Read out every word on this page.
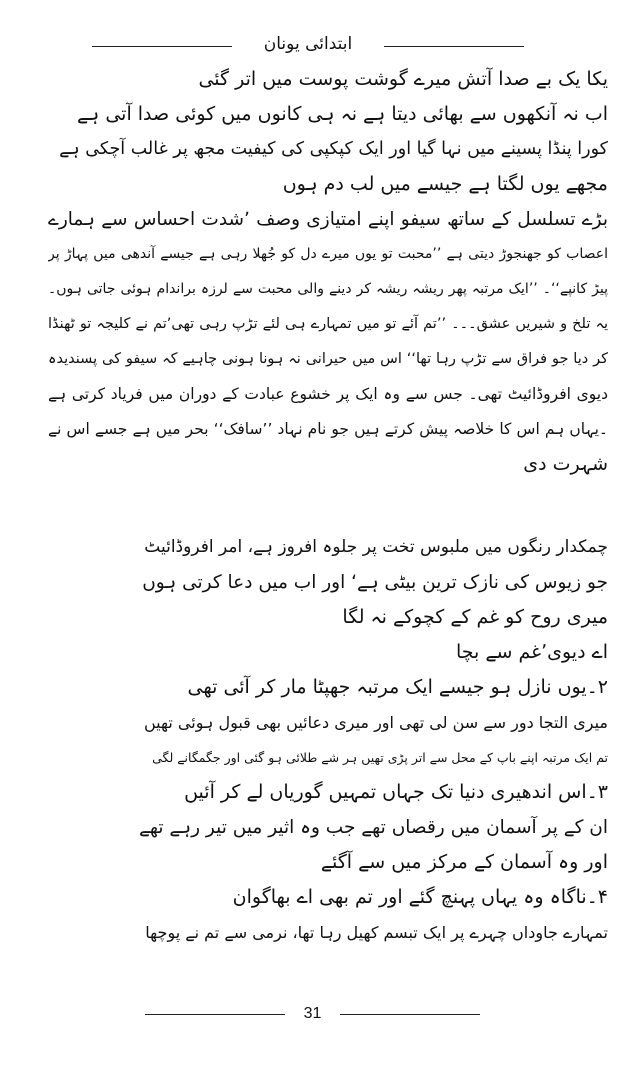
ابتدائی یونان
یکا یک بے صدا آتش میرے گوشت پوست میں اتر گئی
اب نہ آنکھوں سے بھائی دیتا ہے نہ ہی کانوں میں کوئی صدا آتی ہے
کورا پنڈا پسینے میں نہا گیا اور ایک کپکپی کی کیفیت مجھ پر غالب آچکی ہے
مجھے یوں لگتا ہے جیسے میں لب دم ہوں
بڑے تسلسل کے ساتھ سیفو اپنے امتیازی وصف ٬شدت احساس سے ہمارے
اعصاب کو جھنجوڑ دیتی ہے ’’محبت تو یوں میرے دل کو جُھلا رہی ہے جیسے آندھی میں پہاڑ پر
پیڑ کانپے‘‘۔ ’’ایک مرتبہ پھر ریشہ ریشہ کر دینے والی محبت سے لرزہ براندام ہوئی جاتی ہوں۔
یہ تلخ و شیریں عشق۔۔۔ ’’تم آئے تو میں تمہارے ہی لئے تڑپ رہی تھی٬تم نے کلیجہ تو ٹھنڈا
کر دیا جو فراق سے تڑپ رہا تھا‘‘ اس میں حیرانی نہ ہونا ہونی چاہیے کہ سیفو کی پسندیدہ
دیوی افروڈائیٹ تھی۔ جس سے وہ ایک پر خشوع عبادت کے دوران میں فریاد کرتی ہے
۔یہاں ہم اس کا خلاصہ پیش کرتے ہیں جو نام نہاد ’’سافک‘‘ بحر میں ہے جسے اس نے
شہرت دی
چمکدار رنگوں میں ملبوس تخت پر جلوہ افروز ہے، امر افروڈائیٹ
جو زیوس کی نازک ترین بیٹی ہے‘ اور اب میں دعا کرتی ہوں
میری روح کو غم کے کچوکے نہ لگا
اے دیوی٬غم سے بچا
۲۔یوں نازل ہو جیسے ایک مرتبہ جھپٹا مار کر آئی تھی
میری التجا دور سے سن لی تھی اور میری دعائیں بھی قبول ہوئی تھیں
تم ایک مرتبہ اپنے باپ کے محل سے اتر پڑی تھیں ہر شے طلائی ہو گئی اور جگمگانے لگی
۳۔اس اندھیری دنیا تک جہاں تمہیں گوریاں لے کر آئیں
ان کے پر آسمان میں رقصاں تھے جب وہ اثیر میں تیر رہے تھے
اور وہ آسمان کے مرکز میں سے آگئے
۴۔ناگاہ وہ یہاں پہنچ گئے اور تم بھی اے بھاگوان
تمہارے جاوداں چہرے پر ایک تبسم کھیل رہا تھا، نرمی سے تم نے پوچھا
31
